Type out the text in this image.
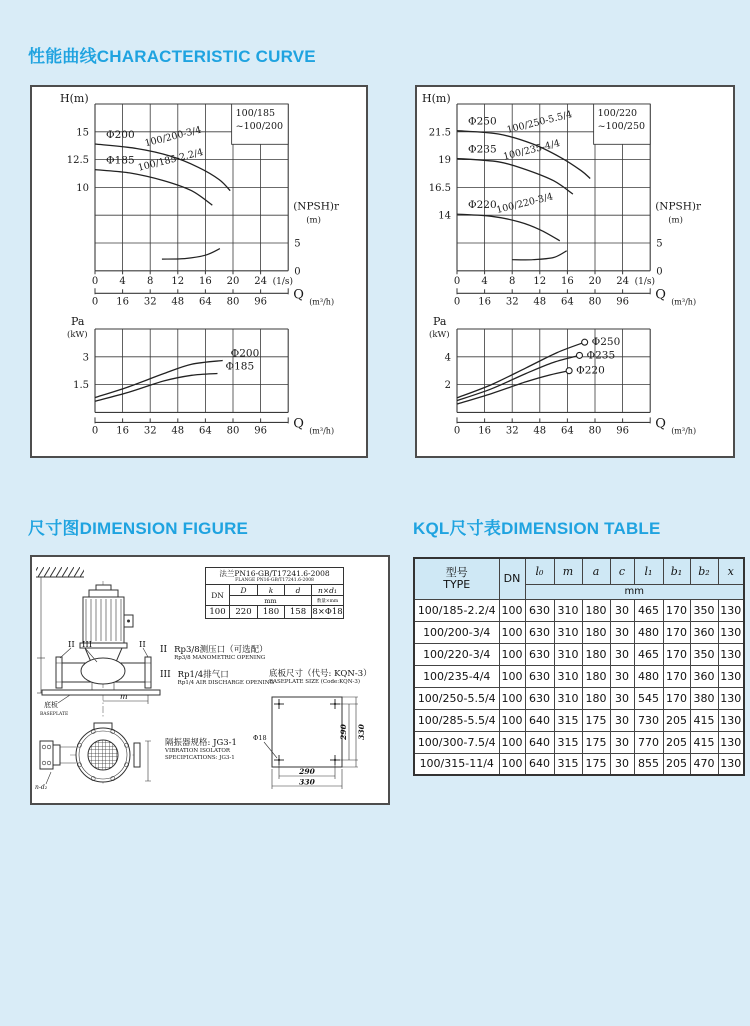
性能曲线CHARACTERISTIC CURVE
100/185
~100/200
H(m)
15
12.5
10
(NPSH)r
(m)
5
0
0 4 8 12 16 20 24 (1/s)
Φ200 100/200-3/4
Φ185 100/185-2.2/4
0 16 32 48 64 80 96 Q (m³/h)
0 16 32 48 64 80 96 Q (m³/h)
Pa
(kW)
3
1.5
Φ200
Φ185
100/220
~100/250
H(m)
21.5
19
16.5
14
(NPSH)r
(m)
5
0
0 4 8 12 16 20 24 (1/s)
Φ250 100/250-5.5/4
Φ235 100/235-4/4
Φ220
100/220-3/4
0 16 32 48 64 80 96 Q (m³/h)
0 16 32 48 64 80 96 Q (m³/h)
Pa
(kW)
4
2
Φ250
Φ235
Φ220
尺寸图DIMENSION FIGURE	KQL尺寸表DIMENSION TABLE
II III	II
m
底板
BASEPLATE
n-d₂
290
330
290 330
Φ18
法兰PN16-GB/T17241.6-2008
FLANGE PN16-GB/T17241.6-2008				

DN	D	k	d	n×d₁
	mm			数量×mm
100	220	180	158	8×Φ18
II Rp3/8测压口（可选配）
Rp3/8 MANOMETRIC OPENING
III Rp1/4排气口
Rp1/4 AIR DISCHARGE OPENING
底板尺寸（代号: KQN-3）
BASEPLATE SIZE (Code:KQN-3)
隔振器规格: JG3-1
VIBRATION ISOLATOR
SPECIFICATIONS: JG3-1
型号
TYPE	DN	l₀	m	a	c	l₁	b₁	b₂	x
		mm							
100/185-2.2/4	100	630	310	180	30	465	170	350	130
100/200-3/4	100	630	310	180	30	480	170	360	130
100/220-3/4	100	630	310	180	30	465	170	350	130
100/235-4/4	100	630	310	180	30	480	170	360	130
100/250-5.5/4	100	630	310	180	30	545	170	380	130
100/285-5.5/4	100	640	315	175	30	730	205	415	130
100/300-7.5/4	100	640	315	175	30	770	205	415	130
100/315-11/4	100	640	315	175	30	855	205	470	130
